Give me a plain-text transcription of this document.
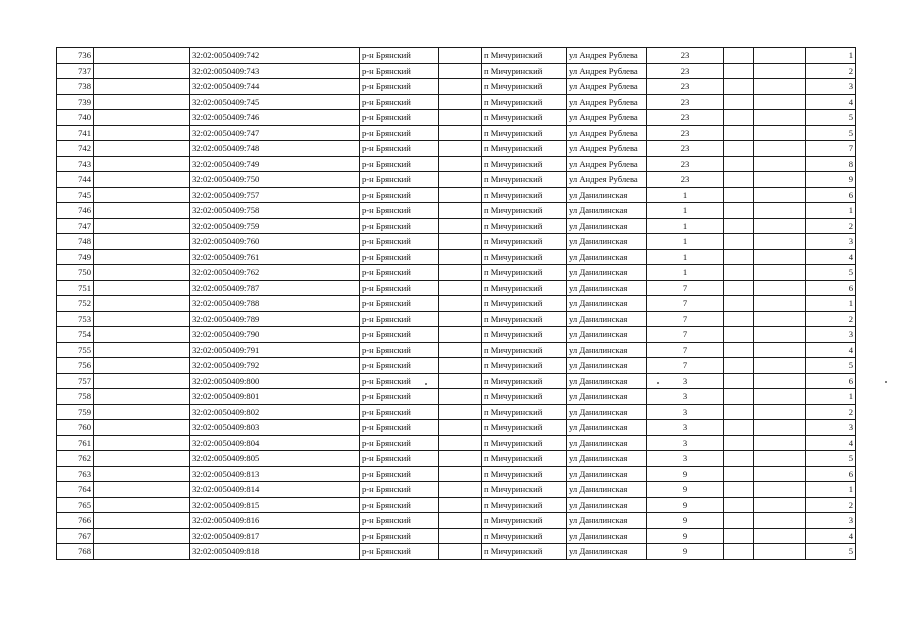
736		32:02:0050409:742	р-н Брянский		п Мичуринский	ул Андрея Рублева	23			1
737		32:02:0050409:743	р-н Брянский		п Мичуринский	ул Андрея Рублева	23			2
738		32:02:0050409:744	р-н Брянский		п Мичуринский	ул Андрея Рублева	23			3
739		32:02:0050409:745	р-н Брянский		п Мичуринский	ул Андрея Рублева	23			4
740		32:02:0050409:746	р-н Брянский		п Мичуринский	ул Андрея Рублева	23			5
741		32:02:0050409:747	р-н Брянский		п Мичуринский	ул Андрея Рублева	23			5
742		32:02:0050409:748	р-н Брянский		п Мичуринский	ул Андрея Рублева	23			7
743		32:02:0050409:749	р-н Брянский		п Мичуринский	ул Андрея Рублева	23			8
744		32:02:0050409:750	р-н Брянский		п Мичуринский	ул Андрея Рублева	23			9
745		32:02:0050409:757	р-н Брянский		п Мичуринский	ул Данилинская	1			6
746		32:02:0050409:758	р-н Брянский		п Мичуринский	ул Данилинская	1			1
747		32:02:0050409:759	р-н Брянский		п Мичуринский	ул Данилинская	1			2
748		32:02:0050409:760	р-н Брянский		п Мичуринский	ул Данилинская	1			3
749		32:02:0050409:761	р-н Брянский		п Мичуринский	ул Данилинская	1			4
750		32:02:0050409:762	р-н Брянский		п Мичуринский	ул Данилинская	1			5
751		32:02:0050409:787	р-н Брянский		п Мичуринский	ул Данилинская	7			6
752		32:02:0050409:788	р-н Брянский		п Мичуринский	ул Данилинская	7			1
753		32:02:0050409:789	р-н Брянский		п Мичуринский	ул Данилинская	7			2
754		32:02:0050409:790	р-н Брянский		п Мичуринский	ул Данилинская	7			3
755		32:02:0050409:791	р-н Брянский		п Мичуринский	ул Данилинская	7			4
756		32:02:0050409:792	р-н Брянский		п Мичуринский	ул Данилинская	7			5
757		32:02:0050409:800	р-н Брянский		п Мичуринский	ул Данилинская	3			6
758		32:02:0050409:801	р-н Брянский		п Мичуринский	ул Данилинская	3			1
759		32:02:0050409:802	р-н Брянский		п Мичуринский	ул Данилинская	3			2
760		32:02:0050409:803	р-н Брянский		п Мичуринский	ул Данилинская	3			3
761		32:02:0050409:804	р-н Брянский		п Мичуринский	ул Данилинская	3			4
762		32:02:0050409:805	р-н Брянский		п Мичуринский	ул Данилинская	3			5
763		32:02:0050409:813	р-н Брянский		п Мичуринский	ул Данилинская	9			6
764		32:02:0050409:814	р-н Брянский		п Мичуринский	ул Данилинская	9			1
765		32:02:0050409:815	р-н Брянский		п Мичуринский	ул Данилинская	9			2
766		32:02:0050409:816	р-н Брянский		п Мичуринский	ул Данилинская	9			3
767		32:02:0050409:817	р-н Брянский		п Мичуринский	ул Данилинская	9			4
768		32:02:0050409:818	р-н Брянский		п Мичуринский	ул Данилинская	9			5
